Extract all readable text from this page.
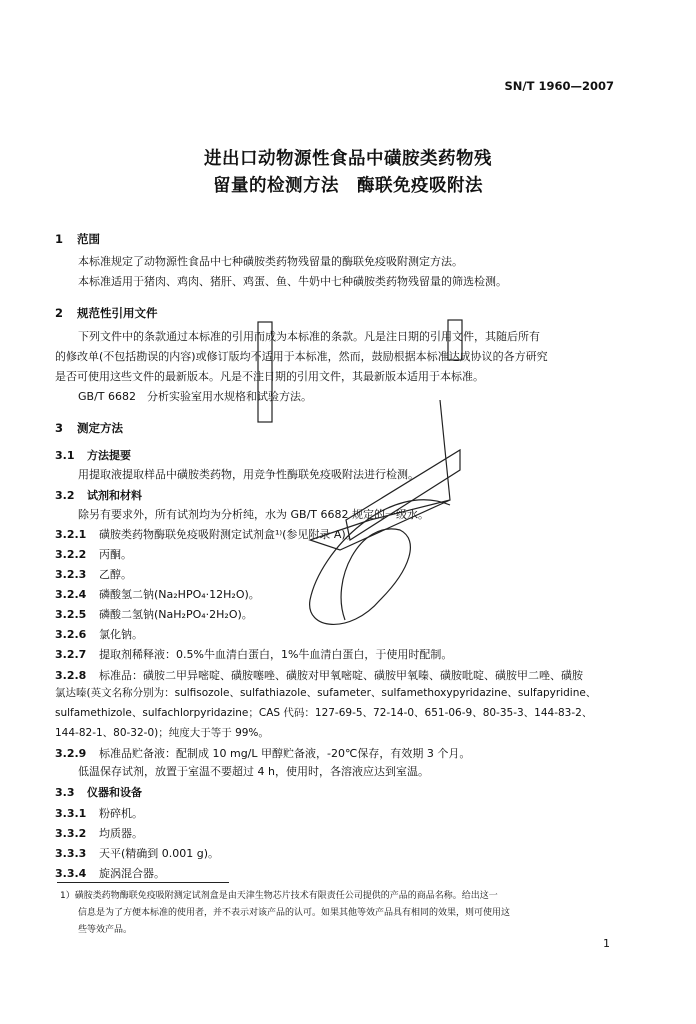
SN/T 1960—2007
进出口动物源性食品中磺胺类药物残
留量的检测方法　酶联免疫吸附法
1 范围
本标准规定了动物源性食品中七种磺胺类药物残留量的酶联免疫吸附测定方法。
本标准适用于猪肉、鸡肉、猪肝、鸡蛋、鱼、牛奶中七种磺胺类药物残留量的筛选检测。
2 规范性引用文件
下列文件中的条款通过本标准的引用而成为本标准的条款。凡是注日期的引用文件，其随后所有
的修改单(不包括勘误的内容)或修订版均不适用于本标准，然而，鼓励根据本标准达成协议的各方研究
是否可使用这些文件的最新版本。凡是不注日期的引用文件，其最新版本适用于本标准。
GB/T 6682　分析实验室用水规格和试验方法。
3 测定方法
3.1 方法提要
用提取液提取样品中磺胺类药物，用竞争性酶联免疫吸附法进行检测。
3.2 试剂和材料
除另有要求外，所有试剂均为分析纯，水为 GB/T 6682 规定的一级水。
3.2.1 磺胺类药物酶联免疫吸附测定试剂盒¹⁾(参见附录 A)。
3.2.2 丙酮。
3.2.3 乙醇。
3.2.4 磷酸氢二钠(Na₂HPO₄·12H₂O)。
3.2.5 磷酸二氢钠(NaH₂PO₄·2H₂O)。
3.2.6 氯化钠。
3.2.7 提取剂稀释液：0.5%牛血清白蛋白，1%牛血清白蛋白，于使用时配制。
3.2.8 标准品：磺胺二甲异嘧啶、磺胺噻唑、磺胺对甲氧嘧啶、磺胺甲氧嗪、磺胺吡啶、磺胺甲二唑、磺胺
氯达嗪(英文名称分别为：sulfisozole、sulfathiazole、sufameter、sulfamethoxypyridazine、sulfapyridine、
sulfamethizole、sulfachlorpyridazine；CAS 代码：127-69-5、72-14-0、651-06-9、80-35-3、144-83-2、
144-82-1、80-32-0)；纯度大于等于 99%。
3.2.9 标准品贮备液：配制成 10 mg/L 甲醇贮备液，-20℃保存，有效期 3 个月。
低温保存试剂，放置于室温不要超过 4 h，使用时，各溶液应达到室温。
3.3 仪器和设备
3.3.1 粉碎机。
3.3.2 均质器。
3.3.3 天平(精确到 0.001 g)。
3.3.4 旋涡混合器。
1）磺胺类药物酶联免疫吸附测定试剂盒是由天津生物芯片技术有限责任公司提供的产品的商品名称。给出这一
信息是为了方便本标准的使用者，并不表示对该产品的认可。如果其他等效产品具有相同的效果，则可使用这
些等效产品。
1
